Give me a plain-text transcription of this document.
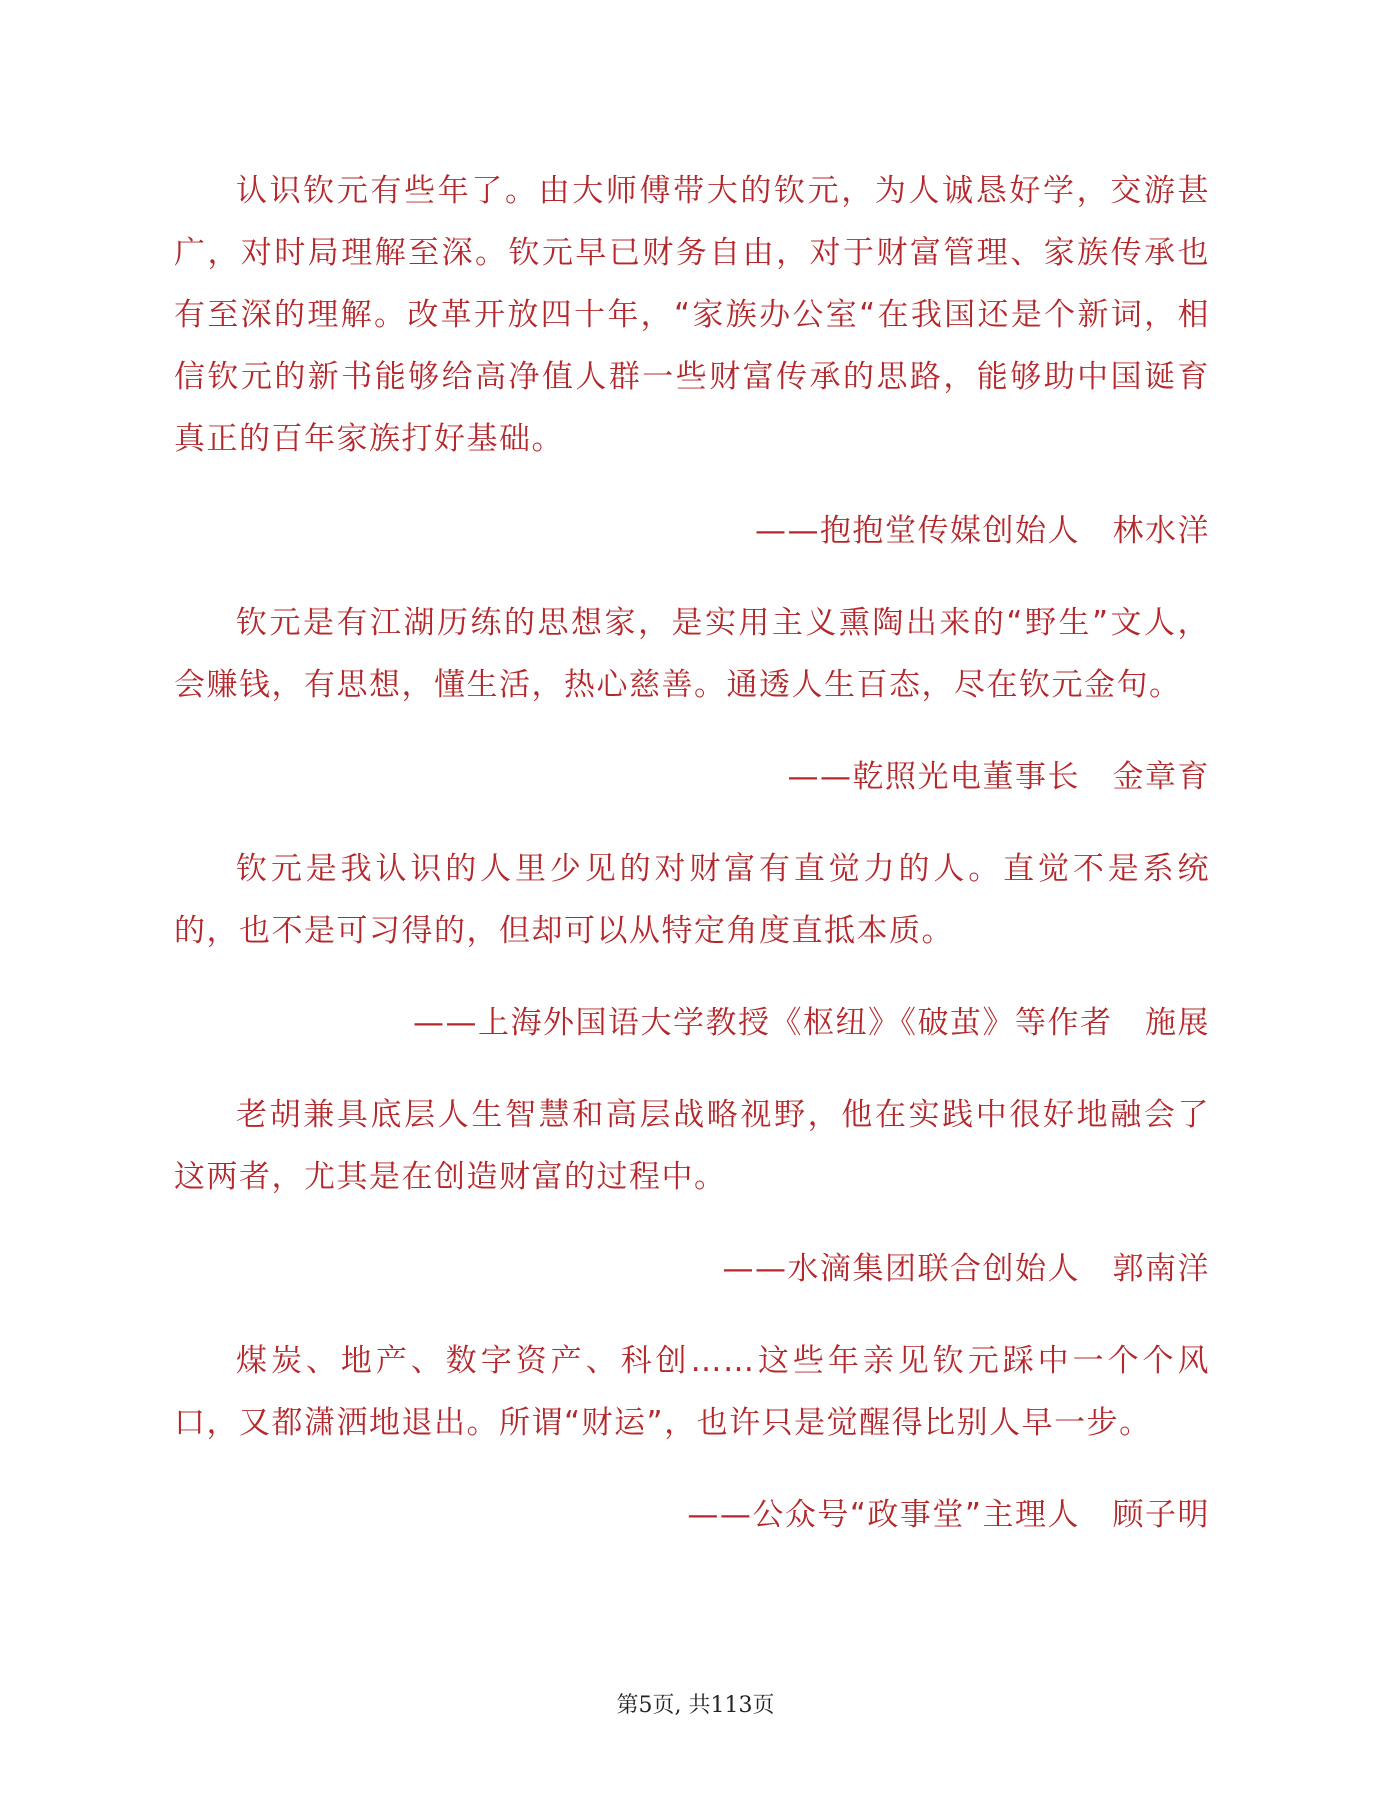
认识钦元有些年了。由大师傅带大的钦元，为人诚恳好学，交游甚广，对时局理解至深。钦元早已财务自由，对于财富管理、家族传承也有至深的理解。改革开放四十年，“家族办公室“在我国还是个新词，相信钦元的新书能够给高净值人群一些财富传承的思路，能够助中国诞育真正的百年家族打好基础。

——抱抱堂传媒创始人　林水洋

钦元是有江湖历练的思想家，是实用主义熏陶出来的“野生”文人，会赚钱，有思想，懂生活，热心慈善。通透人生百态，尽在钦元金句。

——乾照光电董事长　金章育

钦元是我认识的人里少见的对财富有直觉力的人。直觉不是系统的，也不是可习得的，但却可以从特定角度直抵本质。

——上海外国语大学教授《枢纽》《破茧》等作者　施展

老胡兼具底层人生智慧和高层战略视野，他在实践中很好地融会了这两者，尤其是在创造财富的过程中。

——水滴集团联合创始人　郭南洋

煤炭、地产、数字资产、科创……这些年亲见钦元踩中一个个风口，又都潇洒地退出。所谓“财运”，也许只是觉醒得比别人早一步。

——公众号“政事堂”主理人　顾子明

第5页, 共113页
